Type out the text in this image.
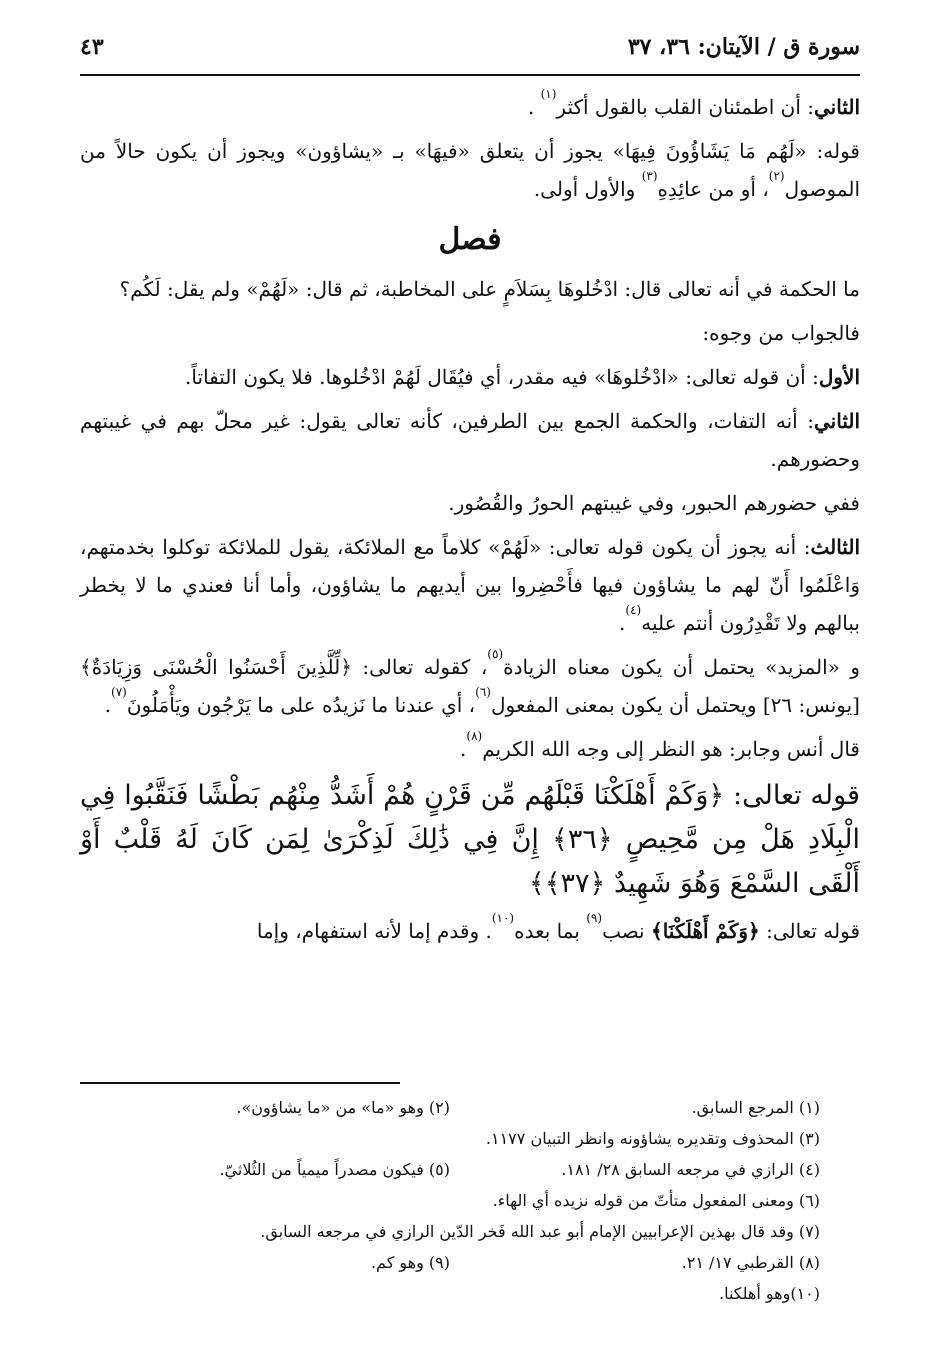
سورة ق / الآيتان: ٣٦، ٣٧
٤٣

الثاني: أن اطمئنان القلب بالقول أكثر$^{(١)}$ .

قوله: «لَهُم مَا يَشَاؤُونَ فِيهَا» يجوز أن يتعلق «فيهَا» بـ «يشاؤون» ويجوز أن يكون حالاً من الموصول$^{(٢)}$، أو من عائِدِهِ$^{(٣)}$ والأول أولى.

فصل

ما الحكمة في أنه تعالى قال: ادْخُلوهَا بِسَلاَمٍ على المخاطبة، ثم قال: «لَهُمْ» ولم يقل: لَكُم؟

فالجواب من وجوه:

الأول: أن قوله تعالى: «ادْخُلوهَا» فيه مقدر، أي فيُقَال لَهُمْ ادْخُلوها. فلا يكون التفاتاً.

الثاني: أنه التفات، والحكمة الجمع بين الطرفين، كأنه تعالى يقول: غير محلّ بهم في غيبتهم وحضورهم.

ففي حضورهم الحبور، وفي غيبتهم الحورُ والقُصُور.

الثالث: أنه يجوز أن يكون قوله تعالى: «لَهُمْ» كلاماً مع الملائكة، يقول للملائكة توكلوا بخدمتهم، وَاعْلَمُوا أَنّ لهم ما يشاؤون فيها فأَحْضِروا بين أيديهم ما يشاؤون، وأما أنا فعندي ما لا يخطر ببالهم ولا تَقْدِرُون أنتم عليه$^{(٤)}$.

و «المزيد» يحتمل أن يكون معناه الزيادة$^{(٥)}$، كقوله تعالى: ﴿لِّلَّذِينَ أَحْسَنُوا الْحُسْنَى وَزِيَادَةٌ﴾ [يونس: ٢٦] ويحتمل أن يكون بمعنى المفعول$^{(٦)}$، أي عندنا ما نَزيدُه على ما يَرْجُون ويَأْمَلُونَ$^{(٧)}$.

قال أنس وجابر: هو النظر إلى وجه الله الكريم$^{(٨)}$.

قوله تعالى: ﴿وَكَمْ أَهْلَكْنَا قَبْلَهُم مِّن قَرْنٍ هُمْ أَشَدُّ مِنْهُم بَطْشًا فَنَقَّبُوا فِي الْبِلَادِ هَلْ مِن مَّحِيصٍ ﴿٣٦﴾ إِنَّ فِي ذَٰلِكَ لَذِكْرَىٰ لِمَن كَانَ لَهُ قَلْبٌ أَوْ أَلْقَى السَّمْعَ وَهُوَ شَهِيدٌ ﴿٣٧﴾﴾

قوله تعالى: ﴿وَكَمْ أَهْلَكْنَا﴾ نصب$^{(٩)}$ بما بعده$^{(١٠)}$. وقدم إما لأنه استفهام، وإما

(١) المرجع السابق.
(٢) وهو «ما» من «ما يشاؤون».
(٣) المحذوف وتقديره يشاؤونه وانظر التبيان ١١٧٧.
(٤) الرازي في مرجعه السابق ٢٨/ ١٨١.
(٥) فيكون مصدراً ميمياً من الثُلاثيّ.
(٦) ومعنى المفعول متأتّ من قوله نزيده أي الهاء.
(٧) وقد قال بهذين الإعرابيين الإمام أبو عبد الله فَخر الدّين الرازي في مرجعه السابق.
(٨) القرطبي ١٧/ ٢١.
(٩) وهو كم.
(١٠)وهو أهلكنا.
